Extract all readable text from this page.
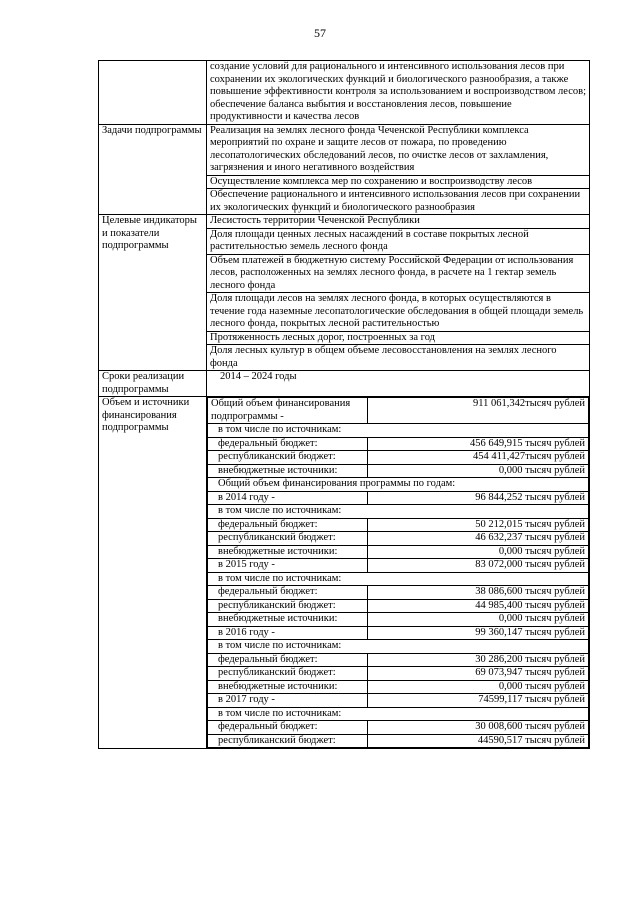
57

создание условий для рационального и интенсивного использования лесов при сохранении их экологических функций и биологического разнообразия, а также повышение эффективности контроля за использованием и воспроизводством лесов;
обеспечение баланса выбытия и восстановления лесов, повышение продуктивности и качества лесов

Задачи подпрограммы	Реализация на землях лесного фонда Чеченской Республики комплекса мероприятий по охране и защите лесов от пожара, по проведению лесопатологических обследований лесов, по очистке лесов от захламления, загрязнения и иного негативного воздействия
Осуществление комплекса мер по сохранению и воспроизводству лесов
Обеспечение рационального и интенсивного использования лесов при сохранении их экологических функций и биологического разнообразия

Целевые индикаторы и показатели подпрограммы	
Лесистость территории Чеченской Республики
Доля площади ценных лесных насаждений в составе покрытых лесной растительностью земель лесного фонда
Объем платежей в бюджетную систему Российской Федерации от использования лесов, расположенных на землях лесного фонда, в расчете на 1 гектар земель лесного фонда
Доля площади лесов на землях лесного фонда, в которых осуществляются в течение года наземные лесопатологические обследования в общей площади земель лесного фонда, покрытых лесной растительностью
Протяженность лесных дорог, построенных за год
Доля лесных культур в общем объеме лесовосстановления на землях лесного фонда

Сроки реализации подпрограммы	2014 – 2024 годы
Объем и источники финансирования подпрограммы	
Общий объем финансирования подпрограммы -	911 061,342тысяч рублей
в том числе по источникам:
федеральный бюджет:	456 649,915 тысяч рублей
республиканский бюджет:	454 411,427тысяч рублей
внебюджетные источники:	0,000 тысяч рублей
Общий объем финансирования программы по годам:
в 2014 году -	96 844,252 тысяч рублей
в том числе по источникам:
федеральный бюджет:	50 212,015 тысяч рублей
республиканский бюджет:	46 632,237 тысяч рублей
внебюджетные источники:	0,000 тысяч рублей
в 2015 году -	83 072,000 тысяч рублей
в том числе по источникам:
федеральный бюджет:	38 086,600 тысяч рублей
республиканский бюджет:	44 985,400 тысяч рублей
внебюджетные источники:	0,000 тысяч рублей
в 2016 году -	99 360,147 тысяч рублей
в том числе по источникам:
федеральный бюджет:	30 286,200 тысяч рублей
республиканский бюджет:	69 073,947 тысяч рублей
внебюджетные источники:	0,000 тысяч рублей
в 2017 году -	74599,117 тысяч рублей
в том числе по источникам:
федеральный бюджет:	30 008,600 тысяч рублей
республиканский бюджет:	44590,517 тысяч рублей
